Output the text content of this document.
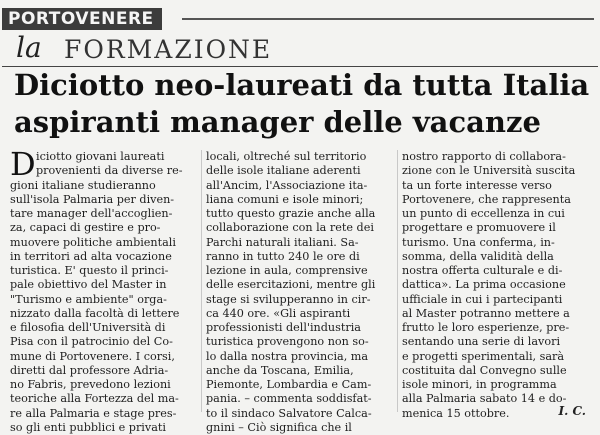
PORTOVENERE
la FORMAZIONE
Diciotto neo-laureati da tutta Italia
aspiranti manager delle vacanze
D iciotto giovani laureati
provenienti da diverse re-
gioni italiane studieranno
sull'isola Palmaria per diven-
tare manager dell'accoglien-
za, capaci di gestire e pro-
muovere politiche ambientali
in territori ad alta vocazione
turistica. E' questo il princi-
pale obiettivo del Master in
"Turismo e ambiente" orga-
nizzato dalla facoltà di lettere
e filosofia dell'Università di
Pisa con il patrocinio del Co-
mune di Portovenere. I corsi,
diretti dal professore Adria-
no Fabris, prevedono lezioni
teoriche alla Fortezza del ma-
re alla Palmaria e stage pres-
so gli enti pubblici e privati
locali, oltreché sul territorio
delle isole italiane aderenti
all'Ancim, l'Associazione ita-
liana comuni e isole minori;
tutto questo grazie anche alla
collaborazione con la rete dei
Parchi naturali italiani. Sa-
ranno in tutto 240 le ore di
lezione in aula, comprensive
delle esercitazioni, mentre gli
stage si svilupperanno in cir-
ca 440 ore. «Gli aspiranti
professionisti dell'industria
turistica provengono non so-
lo dalla nostra provincia, ma
anche da Toscana, Emilia,
Piemonte, Lombardia e Cam-
pania. – commenta soddisfat-
to il sindaco Salvatore Calca-
gnini – Ciò significa che il
nostro rapporto di collabora-
zione con le Università suscita
ta un forte interesse verso
Portovenere, che rappresenta
un punto di eccellenza in cui
progettare e promuovere il
turismo. Una conferma, in-
somma, della validità della
nostra offerta culturale e di-
dattica». La prima occasione
ufficiale in cui i partecipanti
al Master potranno mettere a
frutto le loro esperienze, pre-
sentando una serie di lavori
e progetti sperimentali, sarà
costituita dal Convegno sulle
isole minori, in programma
alla Palmaria sabato 14 e do-
menica 15 ottobre.	I. C.
